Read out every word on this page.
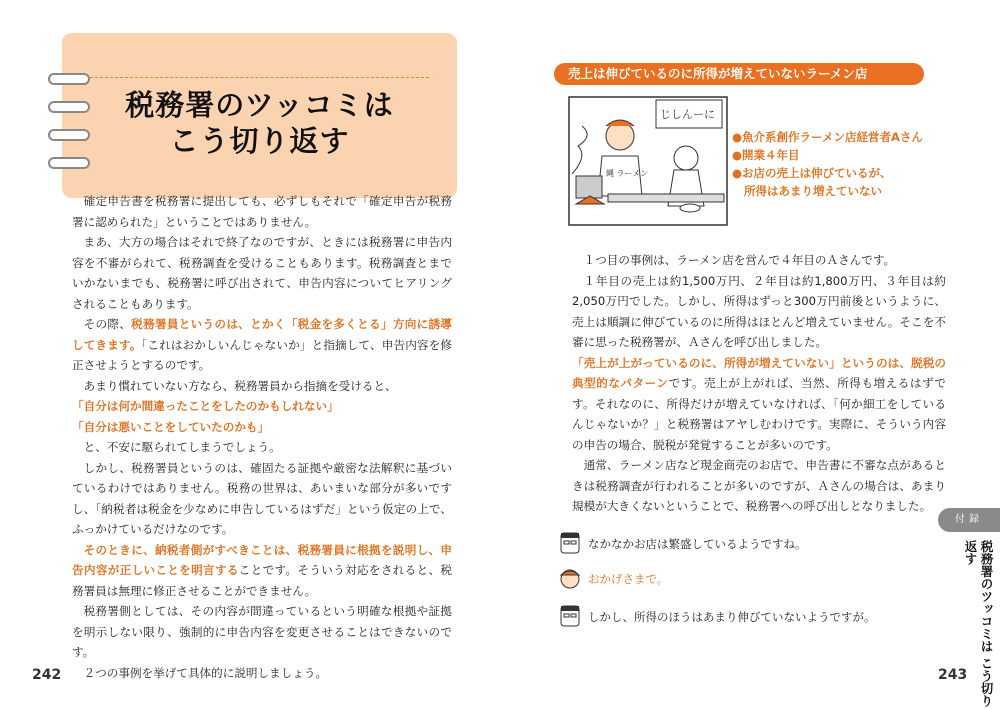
税務署のツッコミは
こう切り返す

確定申告書を税務署に提出しても、必ずしもそれで「確定申告が税務署に認められた」ということではありません。

まあ、大方の場合はそれで終了なのですが、ときには税務署に申告内容を不審がられて、税務調査を受けることもあります。税務調査とまでいかないまでも、税務署に呼び出されて、申告内容についてヒアリングされることもあります。

その際、税務署員というのは、とかく「税金を多くとる」方向に誘導してきます。「これはおかしいんじゃないか」と指摘して、申告内容を修正させようとするのです。

あまり慣れていない方なら、税務署員から指摘を受けると、

「自分は何か間違ったことをしたのかもしれない」

「自分は悪いことをしていたのかも」

と、不安に駆られてしまうでしょう。

しかし、税務署員というのは、確固たる証拠や厳密な法解釈に基づいているわけではありません。税務の世界は、あいまいな部分が多いですし、「納税者は税金を少なめに申告しているはずだ」という仮定の上で、ふっかけているだけなのです。

そのときに、納税者側がすべきことは、税務署員に根拠を説明し、申告内容が正しいことを明言することです。そういう対応をされると、税務署員は無理に修正させることができません。

税務署側としては、その内容が間違っているという明確な根拠や証拠を明示しない限り、強制的に申告内容を変更させることはできないのです。

２つの事例を挙げて具体的に説明しましょう。

242
売上は伸びているのに所得が増えていないラーメン店
じしんーに
縄 ラーメン
●魚介系創作ラーメン店経営者Aさん
●開業４年目
●お店の売上は伸びているが、
所得はあまり増えていない

１つ目の事例は、ラーメン店を営んで４年目のＡさんです。

１年目の売上は約1,500万円、２年目は約1,800万円、３年目は約2,050万円でした。しかし、所得はずっと300万円前後というように、売上は順調に伸びているのに所得はほとんど増えていません。そこを不審に思った税務署が、Ａさんを呼び出しました。

「売上が上がっているのに、所得が増えていない」というのは、脱税の典型的なパターンです。売上が上がれば、当然、所得も増えるはずです。それなのに、所得だけが増えていなければ、「何か細工をしているんじゃないか？」と税務署はアヤしむわけです。実際に、そういう内容の申告の場合、脱税が発覚することが多いのです。

通常、ラーメン店など現金商売のお店で、申告書に不審な点があるときは税務調査が行われることが多いのですが、Ａさんの場合は、あまり規模が大きくないということで、税務署への呼び出しとなりました。

なかなかお店は繁盛しているようですね。
おかげさまで。
しかし、所得のほうはあまり伸びていないようですが。
付録
税務署のツッコミは こう切り返す
243
